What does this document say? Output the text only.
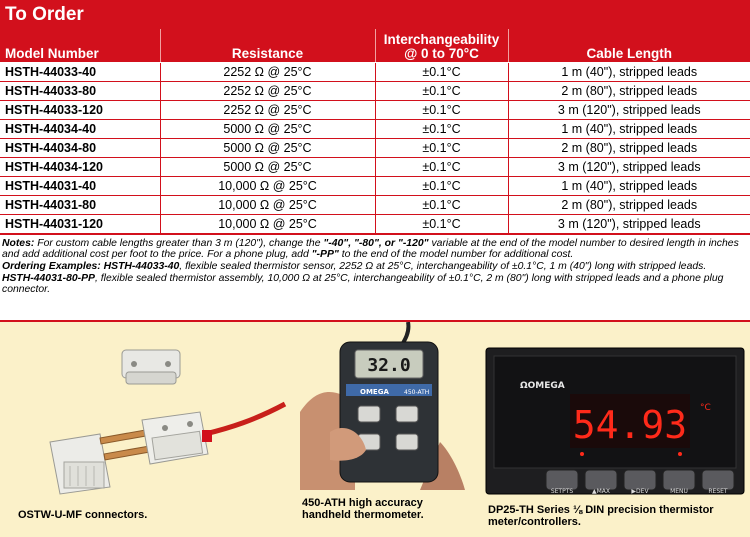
To Order
Model Number	Resistance	Interchangeability
@ 0 to 70°C	Cable Length
HSTH-44033-40	2252 Ω @ 25°C	±0.1°C	1 m (40"), stripped leads
HSTH-44033-80	2252 Ω @ 25°C	±0.1°C	2 m (80"), stripped leads
HSTH-44033-120	2252 Ω @ 25°C	±0.1°C	3 m (120"), stripped leads
HSTH-44034-40	5000 Ω @ 25°C	±0.1°C	1 m (40"), stripped leads
HSTH-44034-80	5000 Ω @ 25°C	±0.1°C	2 m (80"), stripped leads
HSTH-44034-120	5000 Ω @ 25°C	±0.1°C	3 m (120"), stripped leads
HSTH-44031-40	10,000 Ω @ 25°C	±0.1°C	1 m (40"), stripped leads
HSTH-44031-80	10,000 Ω @ 25°C	±0.1°C	2 m (80"), stripped leads
HSTH-44031-120	10,000 Ω @ 25°C	±0.1°C	3 m (120"), stripped leads

Notes: For custom cable lengths greater than 3 m (120"), change the "-40", "-80", or "-120" variable at the end of the model number to desired length in inches and add additional cost per foot to the price. For a phone plug, add "-PP" to the end of the model number for additional cost.

Ordering Examples: HSTH-44033-40, flexible sealed thermistor sensor, 2252 Ω at 25°C, interchangeability of ±0.1°C, 1 m (40") long with stripped leads.

HSTH-44031-80-PP, flexible sealed thermistor assembly, 10,000 Ω at 25°C, interchangeability of ±0.1°C, 2 m (80") long with stripped leads and a phone plug connector.

OSTW-U-MF connectors.
32.0
OMEGA	450-ATH
450-ATH high accuracy
handheld thermometer.
ΩOMEGA
54.93 °C
SETPTS	▲MAX	▶DEV	MENU	RESET
DP25-TH Series ⅛ DIN precision thermistor
meter/controllers.
